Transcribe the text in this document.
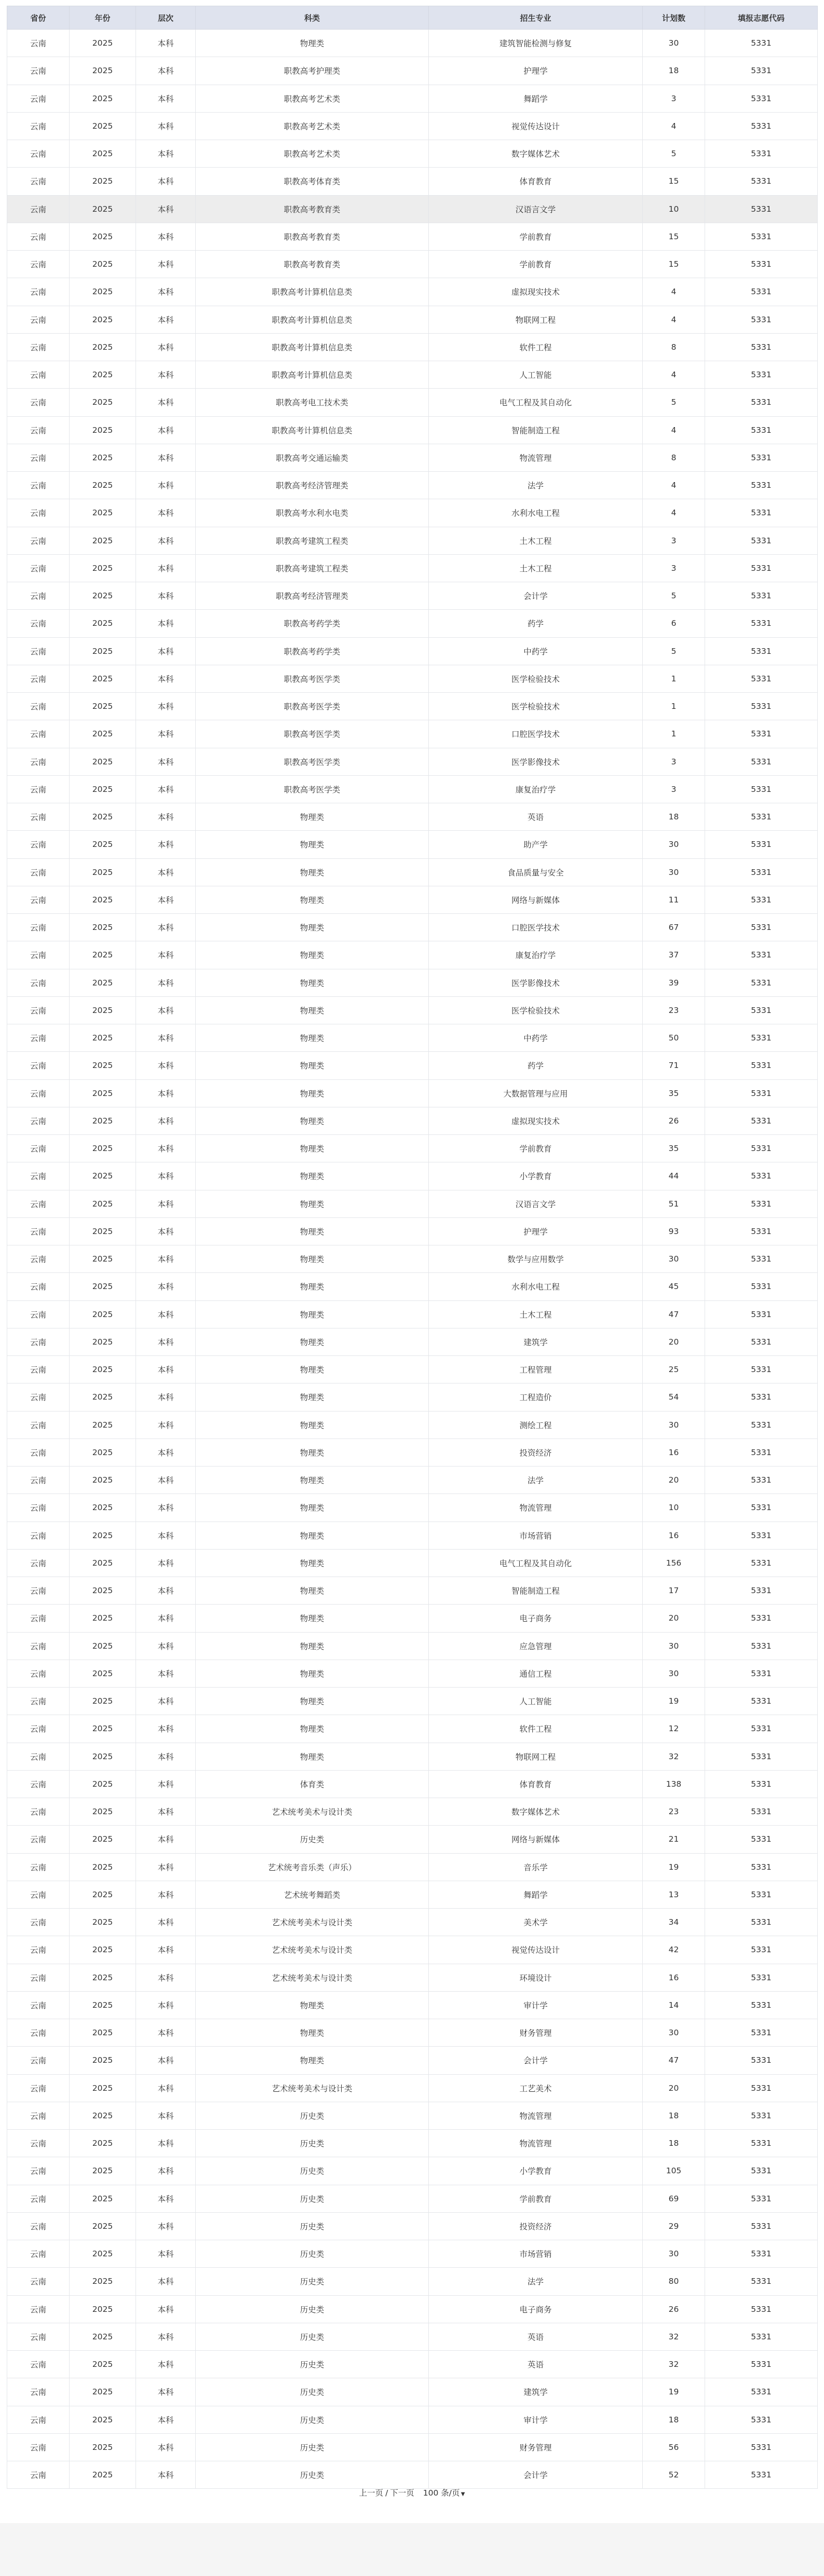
省份	年份	层次	科类	招生专业	计划数	填报志愿代码
云南	2025	本科	物理类	建筑智能检测与修复	30	5331
云南	2025	本科	职教高考护理类	护理学	18	5331
云南	2025	本科	职教高考艺术类	舞蹈学	3	5331
云南	2025	本科	职教高考艺术类	视觉传达设计	4	5331
云南	2025	本科	职教高考艺术类	数字媒体艺术	5	5331
云南	2025	本科	职教高考体育类	体育教育	15	5331
云南	2025	本科	职教高考教育类	汉语言文学	10	5331
云南	2025	本科	职教高考教育类	学前教育	15	5331
云南	2025	本科	职教高考教育类	学前教育	15	5331
云南	2025	本科	职教高考计算机信息类	虚拟现实技术	4	5331
云南	2025	本科	职教高考计算机信息类	物联网工程	4	5331
云南	2025	本科	职教高考计算机信息类	软件工程	8	5331
云南	2025	本科	职教高考计算机信息类	人工智能	4	5331
云南	2025	本科	职教高考电工技术类	电气工程及其自动化	5	5331
云南	2025	本科	职教高考计算机信息类	智能制造工程	4	5331
云南	2025	本科	职教高考交通运输类	物流管理	8	5331
云南	2025	本科	职教高考经济管理类	法学	4	5331
云南	2025	本科	职教高考水利水电类	水利水电工程	4	5331
云南	2025	本科	职教高考建筑工程类	土木工程	3	5331
云南	2025	本科	职教高考建筑工程类	土木工程	3	5331
云南	2025	本科	职教高考经济管理类	会计学	5	5331
云南	2025	本科	职教高考药学类	药学	6	5331
云南	2025	本科	职教高考药学类	中药学	5	5331
云南	2025	本科	职教高考医学类	医学检验技术	1	5331
云南	2025	本科	职教高考医学类	医学检验技术	1	5331
云南	2025	本科	职教高考医学类	口腔医学技术	1	5331
云南	2025	本科	职教高考医学类	医学影像技术	3	5331
云南	2025	本科	职教高考医学类	康复治疗学	3	5331
云南	2025	本科	物理类	英语	18	5331
云南	2025	本科	物理类	助产学	30	5331
云南	2025	本科	物理类	食品质量与安全	30	5331
云南	2025	本科	物理类	网络与新媒体	11	5331
云南	2025	本科	物理类	口腔医学技术	67	5331
云南	2025	本科	物理类	康复治疗学	37	5331
云南	2025	本科	物理类	医学影像技术	39	5331
云南	2025	本科	物理类	医学检验技术	23	5331
云南	2025	本科	物理类	中药学	50	5331
云南	2025	本科	物理类	药学	71	5331
云南	2025	本科	物理类	大数据管理与应用	35	5331
云南	2025	本科	物理类	虚拟现实技术	26	5331
云南	2025	本科	物理类	学前教育	35	5331
云南	2025	本科	物理类	小学教育	44	5331
云南	2025	本科	物理类	汉语言文学	51	5331
云南	2025	本科	物理类	护理学	93	5331
云南	2025	本科	物理类	数学与应用数学	30	5331
云南	2025	本科	物理类	水利水电工程	45	5331
云南	2025	本科	物理类	土木工程	47	5331
云南	2025	本科	物理类	建筑学	20	5331
云南	2025	本科	物理类	工程管理	25	5331
云南	2025	本科	物理类	工程造价	54	5331
云南	2025	本科	物理类	测绘工程	30	5331
云南	2025	本科	物理类	投资经济	16	5331
云南	2025	本科	物理类	法学	20	5331
云南	2025	本科	物理类	物流管理	10	5331
云南	2025	本科	物理类	市场营销	16	5331
云南	2025	本科	物理类	电气工程及其自动化	156	5331
云南	2025	本科	物理类	智能制造工程	17	5331
云南	2025	本科	物理类	电子商务	20	5331
云南	2025	本科	物理类	应急管理	30	5331
云南	2025	本科	物理类	通信工程	30	5331
云南	2025	本科	物理类	人工智能	19	5331
云南	2025	本科	物理类	软件工程	12	5331
云南	2025	本科	物理类	物联网工程	32	5331
云南	2025	本科	体育类	体育教育	138	5331
云南	2025	本科	艺术统考美术与设计类	数字媒体艺术	23	5331
云南	2025	本科	历史类	网络与新媒体	21	5331
云南	2025	本科	艺术统考音乐类（声乐）	音乐学	19	5331
云南	2025	本科	艺术统考舞蹈类	舞蹈学	13	5331
云南	2025	本科	艺术统考美术与设计类	美术学	34	5331
云南	2025	本科	艺术统考美术与设计类	视觉传达设计	42	5331
云南	2025	本科	艺术统考美术与设计类	环境设计	16	5331
云南	2025	本科	物理类	审计学	14	5331
云南	2025	本科	物理类	财务管理	30	5331
云南	2025	本科	物理类	会计学	47	5331
云南	2025	本科	艺术统考美术与设计类	工艺美术	20	5331
云南	2025	本科	历史类	物流管理	18	5331
云南	2025	本科	历史类	物流管理	18	5331
云南	2025	本科	历史类	小学教育	105	5331
云南	2025	本科	历史类	学前教育	69	5331
云南	2025	本科	历史类	投资经济	29	5331
云南	2025	本科	历史类	市场营销	30	5331
云南	2025	本科	历史类	法学	80	5331
云南	2025	本科	历史类	电子商务	26	5331
云南	2025	本科	历史类	英语	32	5331
云南	2025	本科	历史类	英语	32	5331
云南	2025	本科	历史类	建筑学	19	5331
云南	2025	本科	历史类	审计学	18	5331
云南	2025	本科	历史类	财务管理	56	5331
云南	2025	本科	历史类	会计学	52	5331
上一页 / 下一页
100 条/页	▼
